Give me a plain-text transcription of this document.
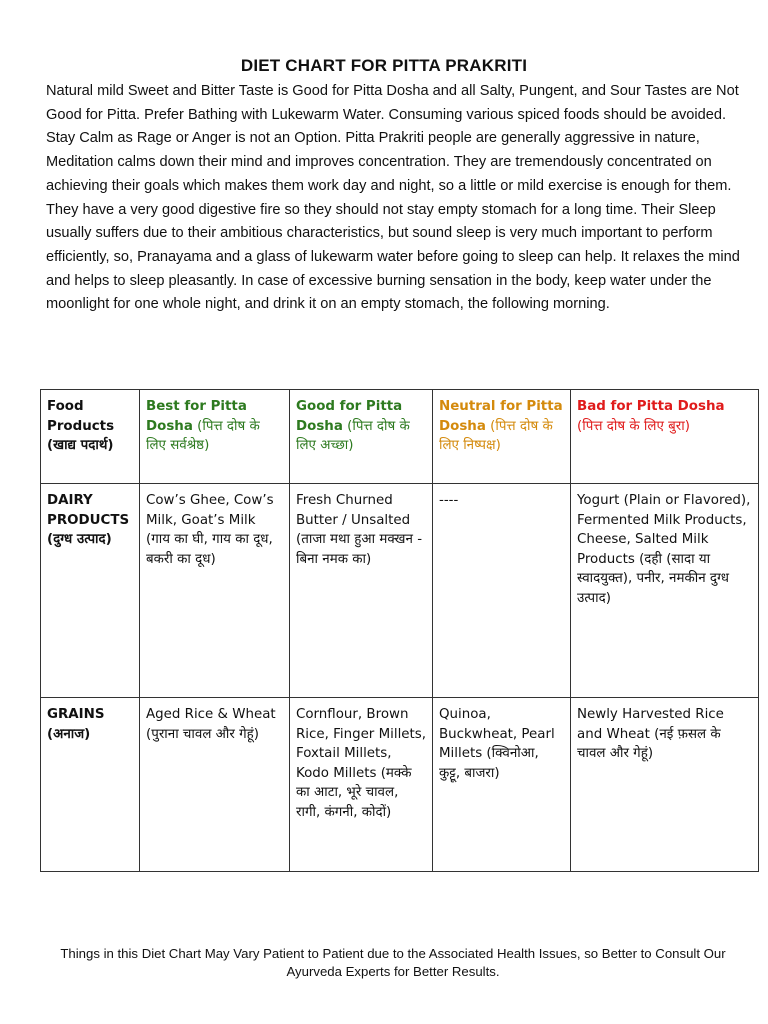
DIET CHART FOR PITTA PRAKRITI

Natural mild Sweet and Bitter Taste is Good for Pitta Dosha and all Salty, Pungent, and Sour Tastes are Not Good for Pitta. Prefer Bathing with Lukewarm Water. Consuming various spiced foods should be avoided. Stay Calm as Rage or Anger is not an Option. Pitta Prakriti people are generally aggressive in nature, Meditation calms down their mind and improves concentration. They are tremendously concentrated on achieving their goals which makes them work day and night, so a little or mild exercise is enough for them. They have a very good digestive fire so they should not stay empty stomach for a long time. Their Sleep usually suffers due to their ambitious characteristics, but sound sleep is very much important to perform efficiently, so, Pranayama and a glass of lukewarm water before going to sleep can help. It relaxes the mind and helps to sleep pleasantly. In case of excessive burning sensation in the body, keep water under the moonlight for one whole night, and drink it on an empty stomach, the following morning.

Food Products (खाद्य पदार्थ)	Best for Pitta Dosha (पित्त दोष के लिए सर्वश्रेष्ठ)	Good for Pitta Dosha (पित्त दोष के लिए अच्छा)	Neutral for Pitta Dosha (पित्त दोष के लिए निष्पक्ष)	Bad for Pitta Dosha (पित्त दोष के लिए बुरा)
DAIRY PRODUCTS (दुग्ध उत्पाद)	Cow’s Ghee, Cow’s Milk, Goat’s Milk (गाय का घी, गाय का दूध, बकरी का दूध)	Fresh Churned Butter / Unsalted (ताजा मथा हुआ मक्खन - बिना नमक का)	----	Yogurt (Plain or Flavored), Fermented Milk Products, Cheese, Salted Milk Products (दही (सादा या स्वादयुक्त), पनीर, नमकीन दुग्ध उत्पाद)
GRAINS (अनाज)	Aged Rice & Wheat (पुराना चावल और गेहूं)	Cornflour, Brown Rice, Finger Millets, Foxtail Millets, Kodo Millets (मक्के का आटा, भूरे चावल, रागी, कंगनी, कोदों)	Quinoa, Buckwheat, Pearl Millets (क्विनोआ, कुट्टू, बाजरा)	Newly Harvested Rice and Wheat (नई फ़सल के चावल और गेहूं)
Things in this Diet Chart May Vary Patient to Patient due to the Associated Health Issues, so Better to Consult Our Ayurveda Experts for Better Results.
